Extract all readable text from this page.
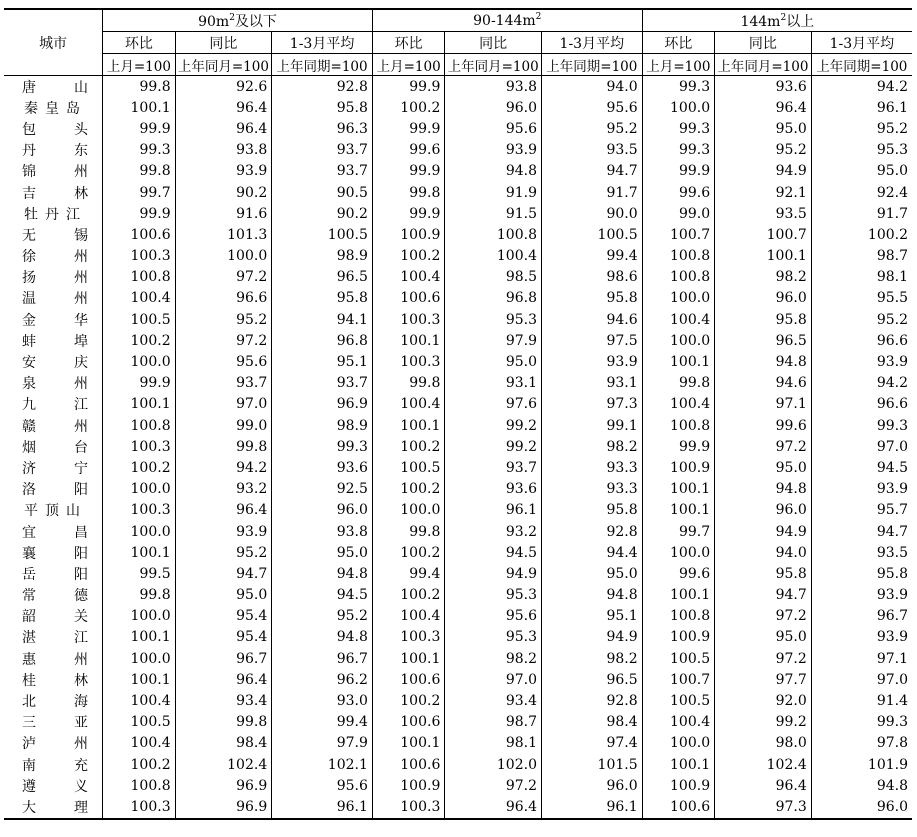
城市	$90m^2$及以下			$90-144m^2$			$144m^2$以上		
	环比	同比	1-3月平均	环比	同比	1-3月平均	环比	同比	1-3月平均
	上月=100	上年同月=100	上年同期=100	上月=100	上年同月=100	上年同期=100	上月=100	上年同月=100	上年同期=100
唐山	99.8	92.6	92.8	99.9	93.8	94.0	99.3	93.6	94.2
秦皇岛	100.1	96.4	95.8	100.2	96.0	95.6	100.0	96.4	96.1
包头	99.9	96.4	96.3	99.9	95.6	95.2	99.3	95.0	95.2
丹东	99.3	93.8	93.7	99.6	93.9	93.5	99.3	95.2	95.3
锦州	99.8	93.9	93.7	99.9	94.8	94.7	99.9	94.9	95.0
吉林	99.7	90.2	90.5	99.8	91.9	91.7	99.6	92.1	92.4
牡丹江	99.9	91.6	90.2	99.9	91.5	90.0	99.0	93.5	91.7
无锡	100.6	101.3	100.5	100.9	100.8	100.5	100.7	100.7	100.2
徐州	100.3	100.0	98.9	100.2	100.4	99.4	100.8	100.1	98.7
扬州	100.8	97.2	96.5	100.4	98.5	98.6	100.8	98.2	98.1
温州	100.4	96.6	95.8	100.6	96.8	95.8	100.0	96.0	95.5
金华	100.5	95.2	94.1	100.3	95.3	94.6	100.4	95.8	95.2
蚌埠	100.2	97.2	96.8	100.1	97.9	97.5	100.0	96.5	96.6
安庆	100.0	95.6	95.1	100.3	95.0	93.9	100.1	94.8	93.9
泉州	99.9	93.7	93.7	99.8	93.1	93.1	99.8	94.6	94.2
九江	100.1	97.0	96.9	100.4	97.6	97.3	100.4	97.1	96.6
赣州	100.8	99.0	98.9	100.1	99.2	99.1	100.8	99.6	99.3
烟台	100.3	99.8	99.3	100.2	99.2	98.2	99.9	97.2	97.0
济宁	100.2	94.2	93.6	100.5	93.7	93.3	100.9	95.0	94.5
洛阳	100.0	93.2	92.5	100.2	93.6	93.3	100.1	94.8	93.9
平顶山	100.3	96.4	96.0	100.0	96.1	95.8	100.1	96.0	95.7
宜昌	100.0	93.9	93.8	99.8	93.2	92.8	99.7	94.9	94.7
襄阳	100.1	95.2	95.0	100.2	94.5	94.4	100.0	94.0	93.5
岳阳	99.5	94.7	94.8	99.4	94.9	95.0	99.6	95.8	95.8
常德	99.8	95.0	94.5	100.2	95.3	94.8	100.1	94.7	93.9
韶关	100.0	95.4	95.2	100.4	95.6	95.1	100.8	97.2	96.7
湛江	100.1	95.4	94.8	100.3	95.3	94.9	100.9	95.0	93.9
惠州	100.0	96.7	96.7	100.1	98.2	98.2	100.5	97.2	97.1
桂林	100.1	96.4	96.2	100.6	97.0	96.5	100.7	97.7	97.0
北海	100.4	93.4	93.0	100.2	93.4	92.8	100.5	92.0	91.4
三亚	100.5	99.8	99.4	100.6	98.7	98.4	100.4	99.2	99.3
泸州	100.4	98.4	97.9	100.1	98.1	97.4	100.0	98.0	97.8
南充	100.2	102.4	102.1	100.6	102.0	101.5	100.1	102.4	101.9
遵义	100.8	96.9	95.6	100.9	97.2	96.0	100.9	96.4	94.8
大理	100.3	96.9	96.1	100.3	96.4	96.1	100.6	97.3	96.0
